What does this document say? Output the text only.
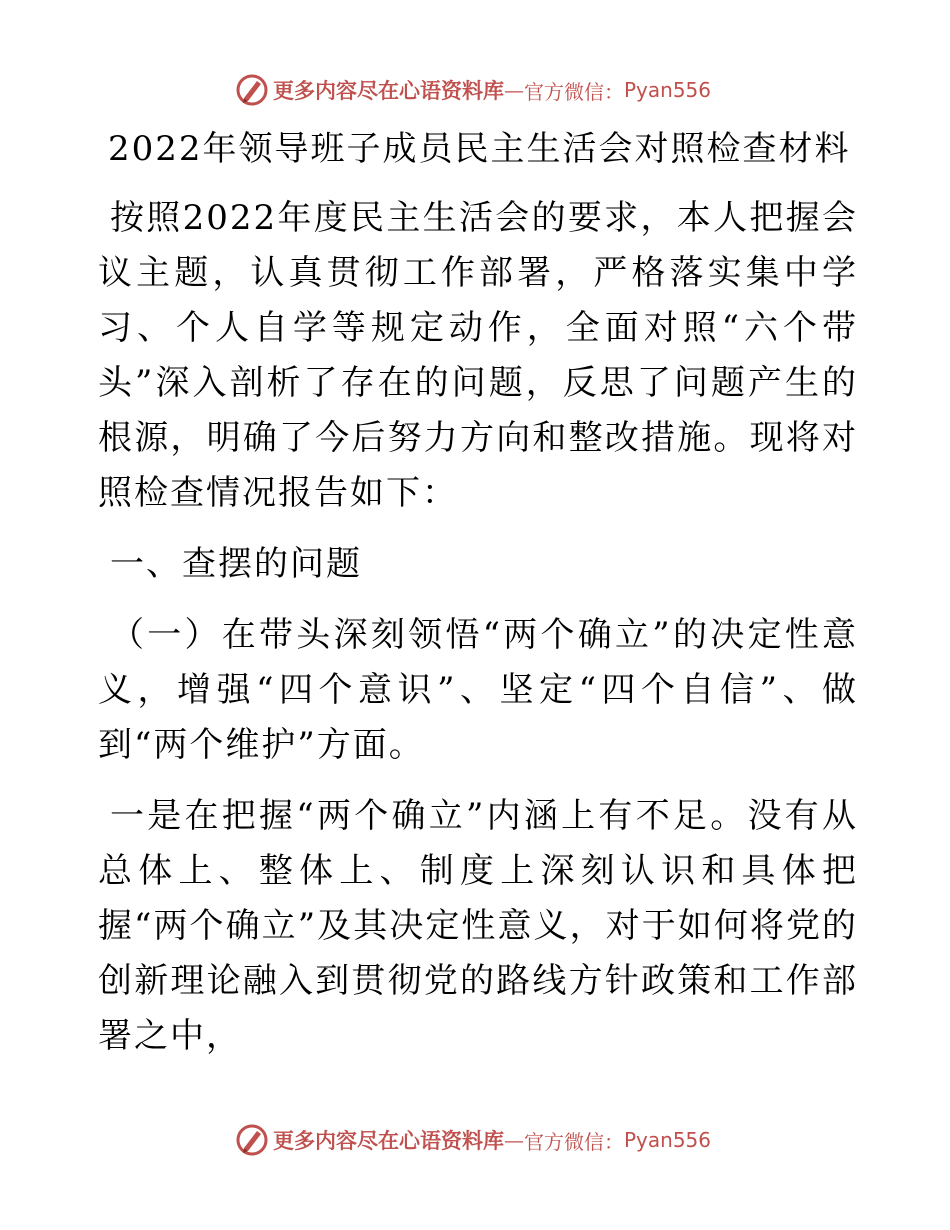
更多内容尽在心语资料库 — 官方微信： Pyan556
2022年领导班子成员民主生活会对照检查材料

按照2022年度民主生活会的要求，本人把握会议主题，认真贯彻工作部署，严格落实集中学习、个人自学等规定动作，全面对照“六个带头”深入剖析了存在的问题，反思了问题产生的根源，明确了今后努力方向和整改措施。现将对照检查情况报告如下：

一、查摆的问题

（一）在带头深刻领悟“两个确立”的决定性意义，增强“四个意识”、坚定“四个自信”、做到“两个维护”方面。

一是在把握“两个确立”内涵上有不足。没有从总体上、整体上、制度上深刻认识和具体把握“两个确立”及其决定性意义，对于如何将党的创新理论融入到贯彻党的路线方针政策和工作部署之中，

更多内容尽在心语资料库 — 官方微信： Pyan556
